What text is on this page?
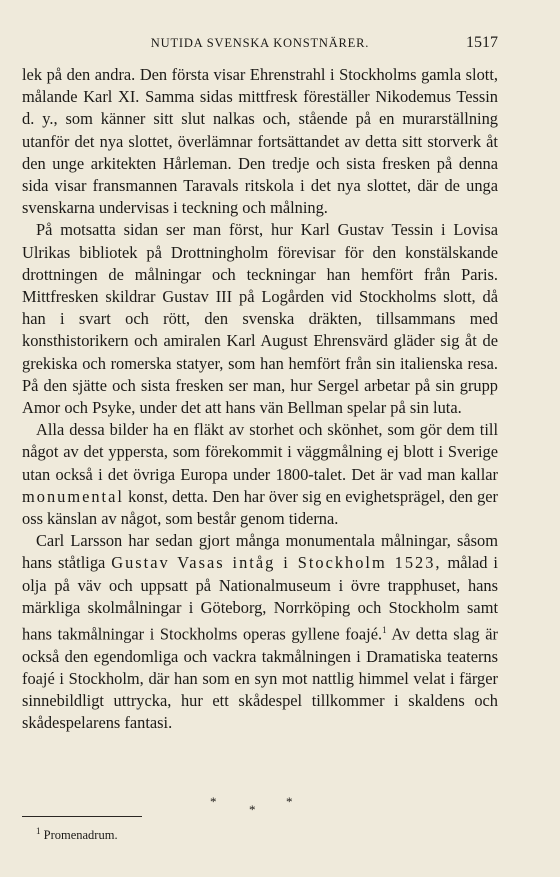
NUTIDA SVENSKA KONSTNÄRER.	1517

lek på den andra. Den första visar Ehrenstrahl i Stockholms gamla slott, målande Karl XI. Samma sidas mittfresk föreställer Nikodemus Tessin d. y., som känner sitt slut nalkas och, stående på en murarställning utanför det nya slottet, överlämnar fortsättandet av detta sitt storverk åt den unge arkitekten Hårleman. Den tredje och sista fresken på denna sida visar fransmannen Taravals ritskola i det nya slottet, där de unga svenskarna undervisas i teckning och målning.

På motsatta sidan ser man först, hur Karl Gustav Tessin i Lovisa Ulrikas bibliotek på Drottningholm förevisar för den konstälskande drottningen de målningar och teckningar han hemfört från Paris. Mittfresken skildrar Gustav III på Logården vid Stockholms slott, då han i svart och rött, den svenska dräkten, tillsammans med konsthistorikern och amiralen Karl August Ehrensvärd gläder sig åt de grekiska och romerska statyer, som han hemfört från sin italienska resa. På den sjätte och sista fresken ser man, hur Sergel arbetar på sin grupp Amor och Psyke, under det att hans vän Bellman spelar på sin luta.

Alla dessa bilder ha en fläkt av storhet och skönhet, som gör dem till något av det yppersta, som förekommit i väggmålning ej blott i Sverige utan också i det övriga Europa under 1800-talet. Det är vad man kallar monumental konst, detta. Den har över sig en evighetsprägel, den ger oss känslan av något, som består genom tiderna.

Carl Larsson har sedan gjort många monumentala målningar, såsom hans ståtliga Gustav Vasas intåg i Stockholm 1523, målad i olja på väv och uppsatt på Nationalmuseum i övre trapphuset, hans märkliga skolmålningar i Göteborg, Norrköping och Stockholm samt hans takmålningar i Stockholms operas gyllene foajé.$^1$ Av detta slag är också den egendomliga och vackra takmålningen i Dramatiska teaterns foajé i Stockholm, där han som en syn mot nattlig himmel velat i färger sinnebildligt uttrycka, hur ett skådespel tillkommer i skaldens och skådespelarens fantasi.

*	*
*
$^1$ Promenadrum.
